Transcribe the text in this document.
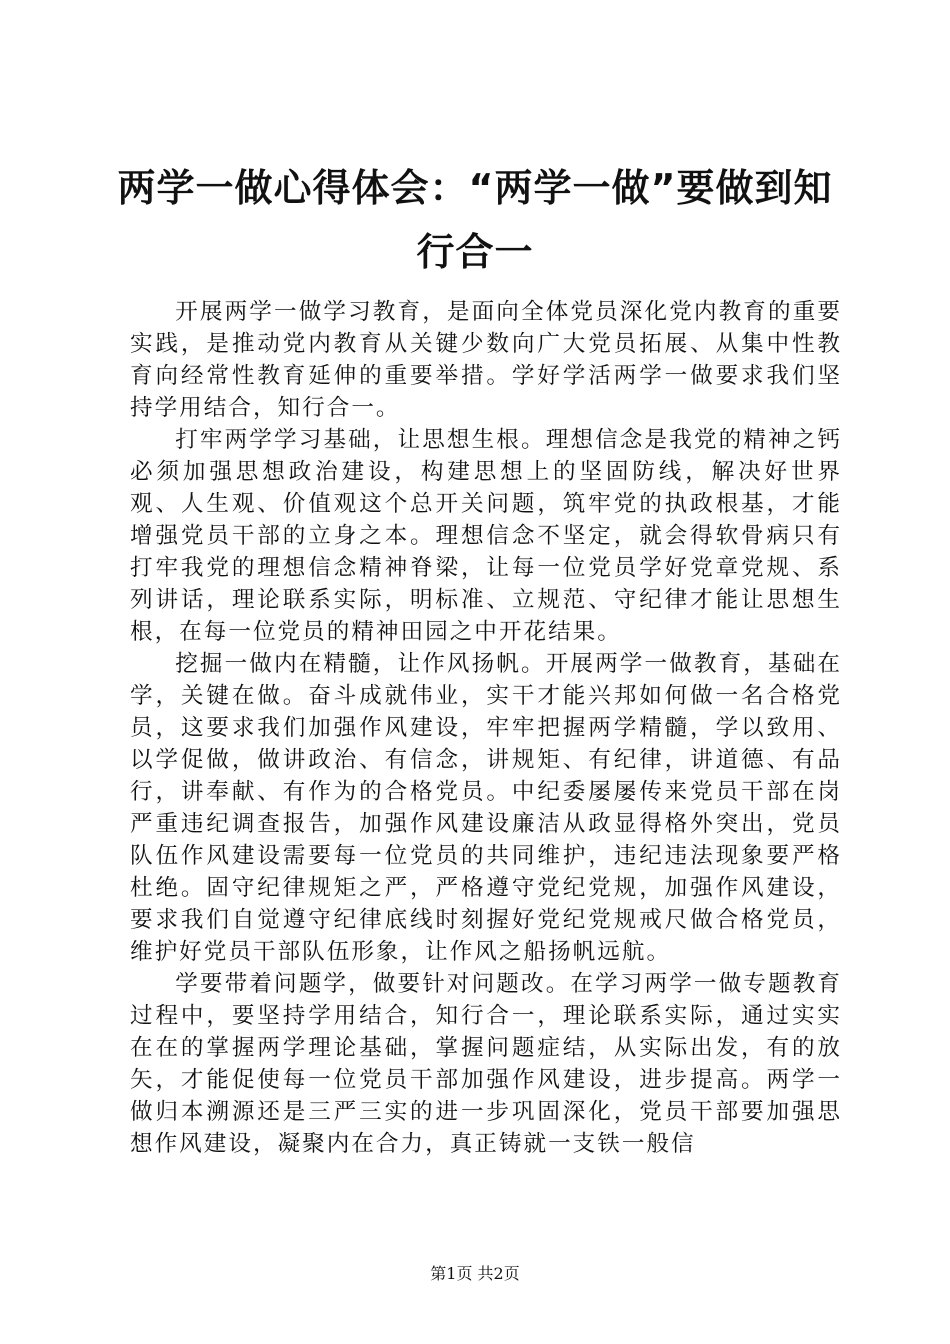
两学一做心得体会：“两学一做”要做到知行合一

开展两学一做学习教育，是面向全体党员深化党内教育的重要实践，是推动党内教育从关键少数向广大党员拓展、从集中性教育向经常性教育延伸的重要举措。学好学活两学一做要求我们坚持学用结合，知行合一。

打牢两学学习基础，让思想生根。理想信念是我党的精神之钙必须加强思想政治建设，构建思想上的坚固防线，解决好世界观、人生观、价值观这个总开关问题，筑牢党的执政根基，才能增强党员干部的立身之本。理想信念不坚定，就会得软骨病只有打牢我党的理想信念精神脊梁，让每一位党员学好党章党规、系列讲话，理论联系实际，明标准、立规范、守纪律才能让思想生根，在每一位党员的精神田园之中开花结果。

挖掘一做内在精髓，让作风扬帆。开展两学一做教育，基础在学，关键在做。奋斗成就伟业，实干才能兴邦如何做一名合格党员，这要求我们加强作风建设，牢牢把握两学精髓，学以致用、以学促做，做讲政治、有信念，讲规矩、有纪律，讲道德、有品行，讲奉献、有作为的合格党员。中纪委屡屡传来党员干部在岗严重违纪调查报告，加强作风建设廉洁从政显得格外突出，党员队伍作风建设需要每一位党员的共同维护，违纪违法现象要严格杜绝。固守纪律规矩之严，严格遵守党纪党规，加强作风建设，要求我们自觉遵守纪律底线时刻握好党纪党规戒尺做合格党员，维护好党员干部队伍形象，让作风之船扬帆远航。

学要带着问题学，做要针对问题改。在学习两学一做专题教育过程中，要坚持学用结合，知行合一，理论联系实际，通过实实在在的掌握两学理论基础，掌握问题症结，从实际出发，有的放矢，才能促使每一位党员干部加强作风建设，进步提高。两学一做归本溯源还是三严三实的进一步巩固深化，党员干部要加强思想作风建设，凝聚内在合力，真正铸就一支铁一般信

第1页 共2页
